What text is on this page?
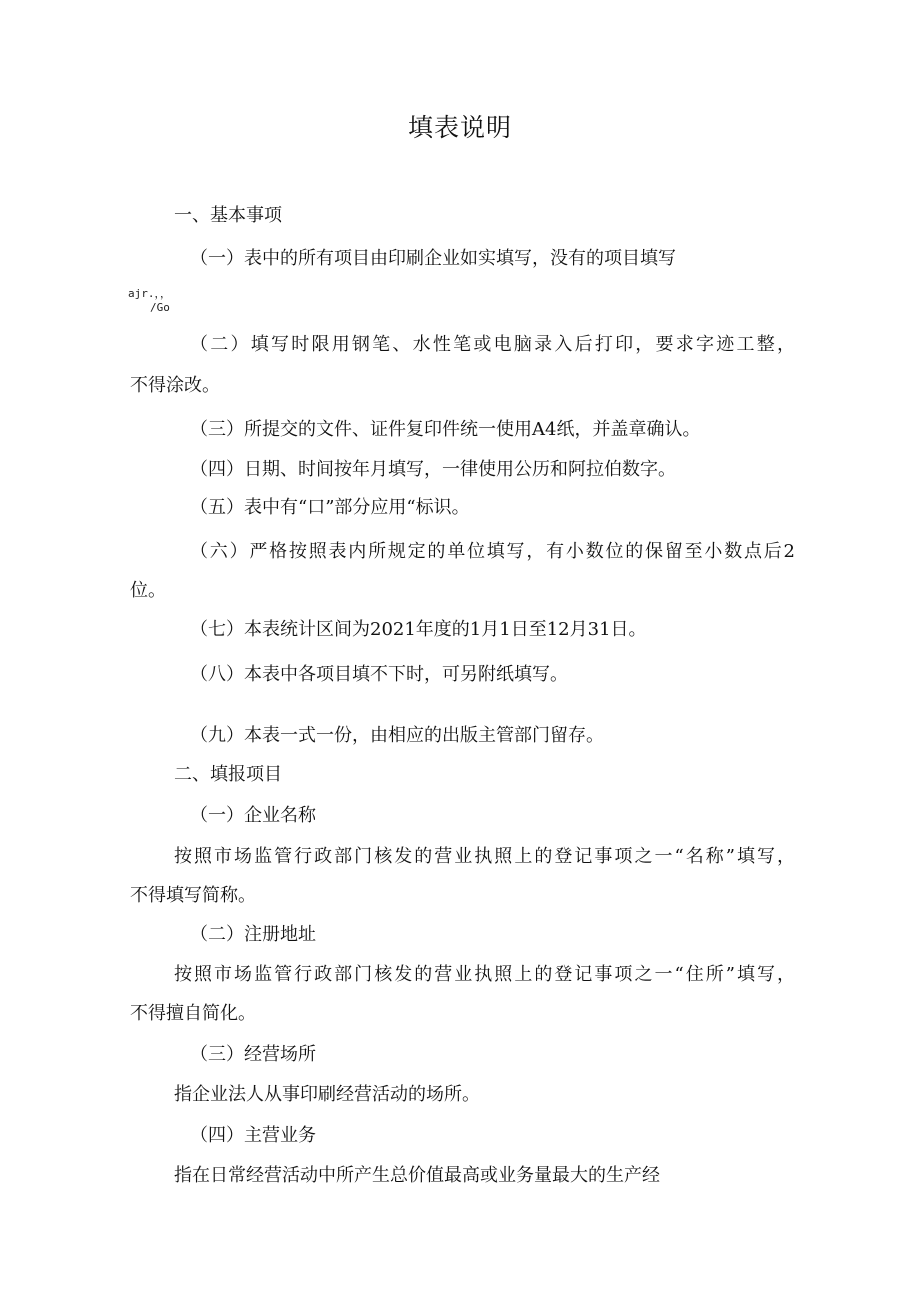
填表说明
一、基本事项
（一）表中的所有项目由印刷企业如实填写，没有的项目填写
ajr.，，
/Go
（二）填写时限用钢笔、水性笔或电脑录入后打印，要求字迹工整，
不得涂改。
（三）所提交的文件、证件复印件统一使用A4纸，并盖章确认。
（四）日期、时间按年月填写，一律使用公历和阿拉伯数字。
（五）表中有“口”部分应用“标识。
（六）严格按照表内所规定的单位填写，有小数位的保留至小数点后2
位。
（七）本表统计区间为2021年度的1月1日至12月31日。
（八）本表中各项目填不下时，可另附纸填写。
（九）本表一式一份，由相应的出版主管部门留存。
二、填报项目
（一）企业名称
按照市场监管行政部门核发的营业执照上的登记事项之一“名称”填写，
不得填写简称。
（二）注册地址
按照市场监管行政部门核发的营业执照上的登记事项之一“住所”填写，
不得擅自简化。
（三）经营场所
指企业法人从事印刷经营活动的场所。
（四）主营业务
指在日常经营活动中所产生总价值最高或业务量最大的生产经
